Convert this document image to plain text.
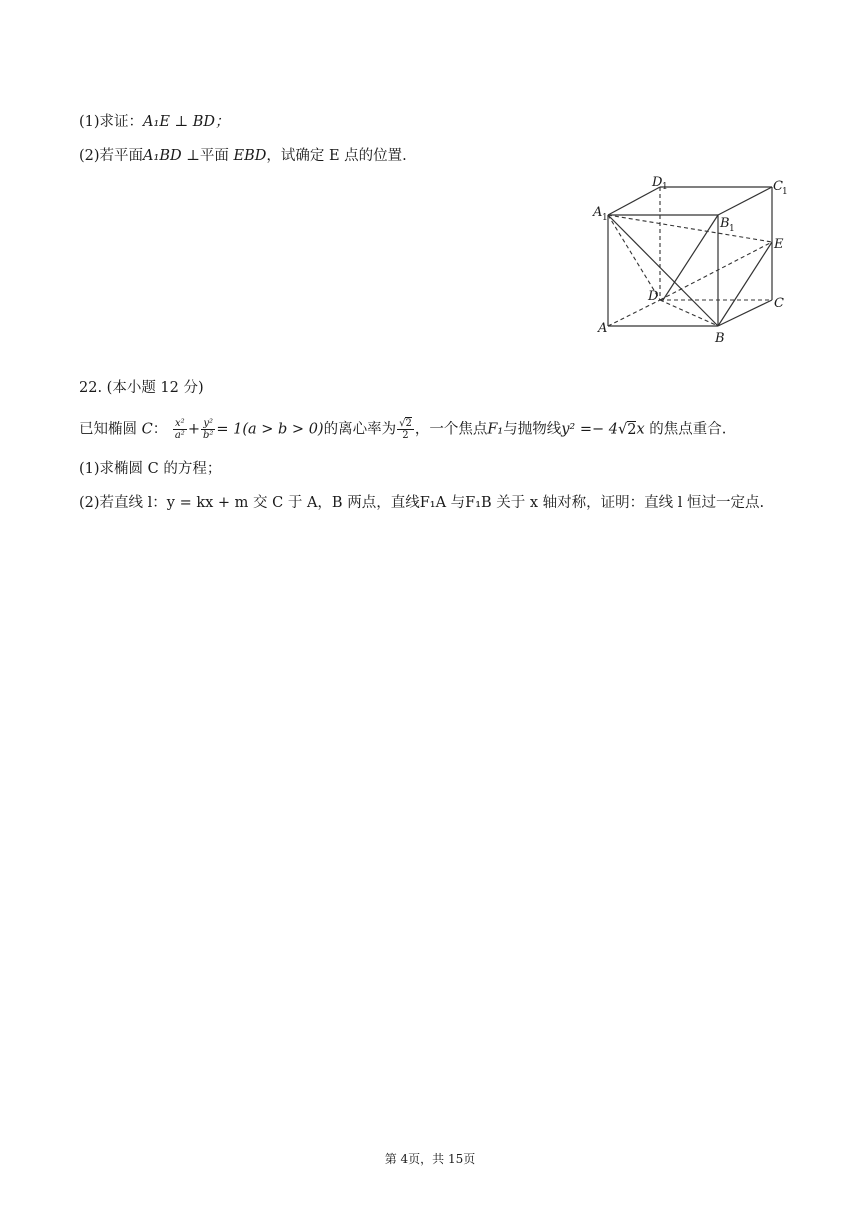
(1)求证：A₁E ⊥ BD；
(2)若平面A₁BD ⊥平面 EBD，试确定 E 点的位置.
A 1
D 1	C 1
B 1
E
D	C
A
B
22. (本小题 12 分)
已知椭圆 C： $\frac{\text{x²}}{\text{a²}} + \frac{\text{y²}}{\text{b²}} = 1(a > b > 0)$的离心率为 $\frac{√2}{2}$ ，一个焦点F₁与抛物线y² =− 4√2x 的焦点重合.
(1)求椭圆 C 的方程；
(2)若直线 l：y = kx + m 交 C 于 A，B 两点，直线F₁A 与F₁B 关于 x 轴对称，证明：直线 l 恒过一定点.
第 4页，共 15页
